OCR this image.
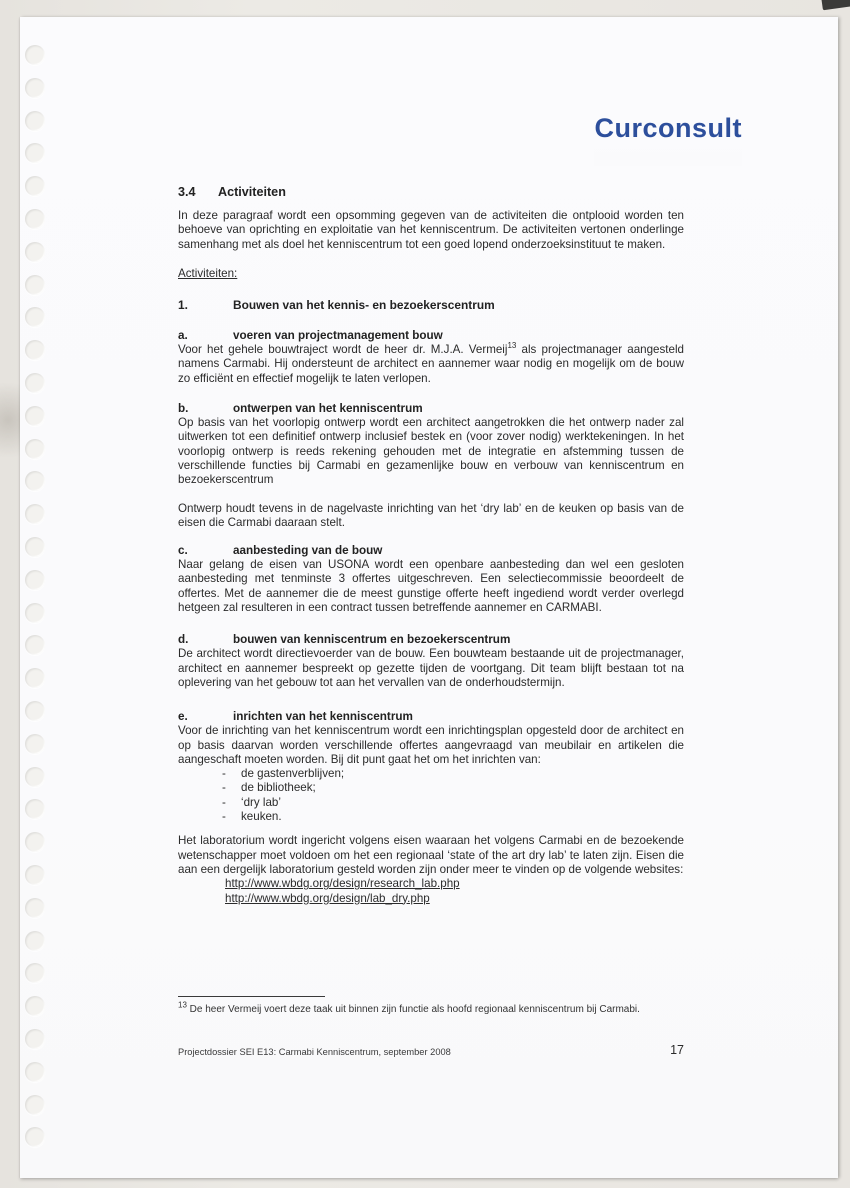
Curconsult
3.4 Activiteiten

In deze paragraaf wordt een opsomming gegeven van de activiteiten die ontplooid worden ten behoeve van oprichting en exploitatie van het kenniscentrum. De activiteiten vertonen onderlinge samenhang met als doel het kenniscentrum tot een goed lopend onderzoeksinstituut te maken.

Activiteiten:
1.	Bouwen van het kennis- en bezoekerscentrum
a.	voeren van projectmanagement bouw

Voor het gehele bouwtraject wordt de heer dr. M.J.A. Vermeij$^{13}$ als projectmanager aangesteld namens Carmabi. Hij ondersteunt de architect en aannemer waar nodig en mogelijk om de bouw zo efficiënt en effectief mogelijk te laten verlopen.

b.	ontwerpen van het kenniscentrum

Op basis van het voorlopig ontwerp wordt een architect aangetrokken die het ontwerp nader zal uitwerken tot een definitief ontwerp inclusief bestek en (voor zover nodig) werktekeningen. In het voorlopig ontwerp is reeds rekening gehouden met de integratie en afstemming tussen de verschillende functies bij Carmabi en gezamenlijke bouw en verbouw van kenniscentrum en bezoekerscentrum

Ontwerp houdt tevens in de nagelvaste inrichting van het ‘dry lab’ en de keuken op basis van de eisen die Carmabi daaraan stelt.

c.	aanbesteding van de bouw

Naar gelang de eisen van USONA wordt een openbare aanbesteding dan wel een gesloten aanbesteding met tenminste 3 offertes uitgeschreven. Een selectiecommissie beoordeelt de offertes. Met de aannemer die de meest gunstige offerte heeft ingediend wordt verder overlegd hetgeen zal resulteren in een contract tussen betreffende aannemer en CARMABI.

d.	bouwen van kenniscentrum en bezoekerscentrum

De architect wordt directievoerder van de bouw. Een bouwteam bestaande uit de projectmanager, architect en aannemer bespreekt op gezette tijden de voortgang. Dit team blijft bestaan tot na oplevering van het gebouw tot aan het vervallen van de onderhoudstermijn.

e.	inrichten van het kenniscentrum

Voor de inrichting van het kenniscentrum wordt een inrichtingsplan opgesteld door de architect en op basis daarvan worden verschillende offertes aangevraagd van meubilair en artikelen die aangeschaft moeten worden. Bij dit punt gaat het om het inrichten van:

-	de gastenverblijven;
-	de bibliotheek;
-	‘dry lab’
-	keuken.

Het laboratorium wordt ingericht volgens eisen waaraan het volgens Carmabi en de bezoekende wetenschapper moet voldoen om het een regionaal ‘state of the art dry lab’ te laten zijn. Eisen die aan een dergelijk laboratorium gesteld worden zijn onder meer te vinden op de volgende websites:

http://www.wbdg.org/design/research_lab.php
http://www.wbdg.org/design/lab_dry.php
$^{13}$ De heer Vermeij voert deze taak uit binnen zijn functie als hoofd regionaal kenniscentrum bij Carmabi.
Projectdossier SEI E13: Carmabi Kenniscentrum, september 2008	17
